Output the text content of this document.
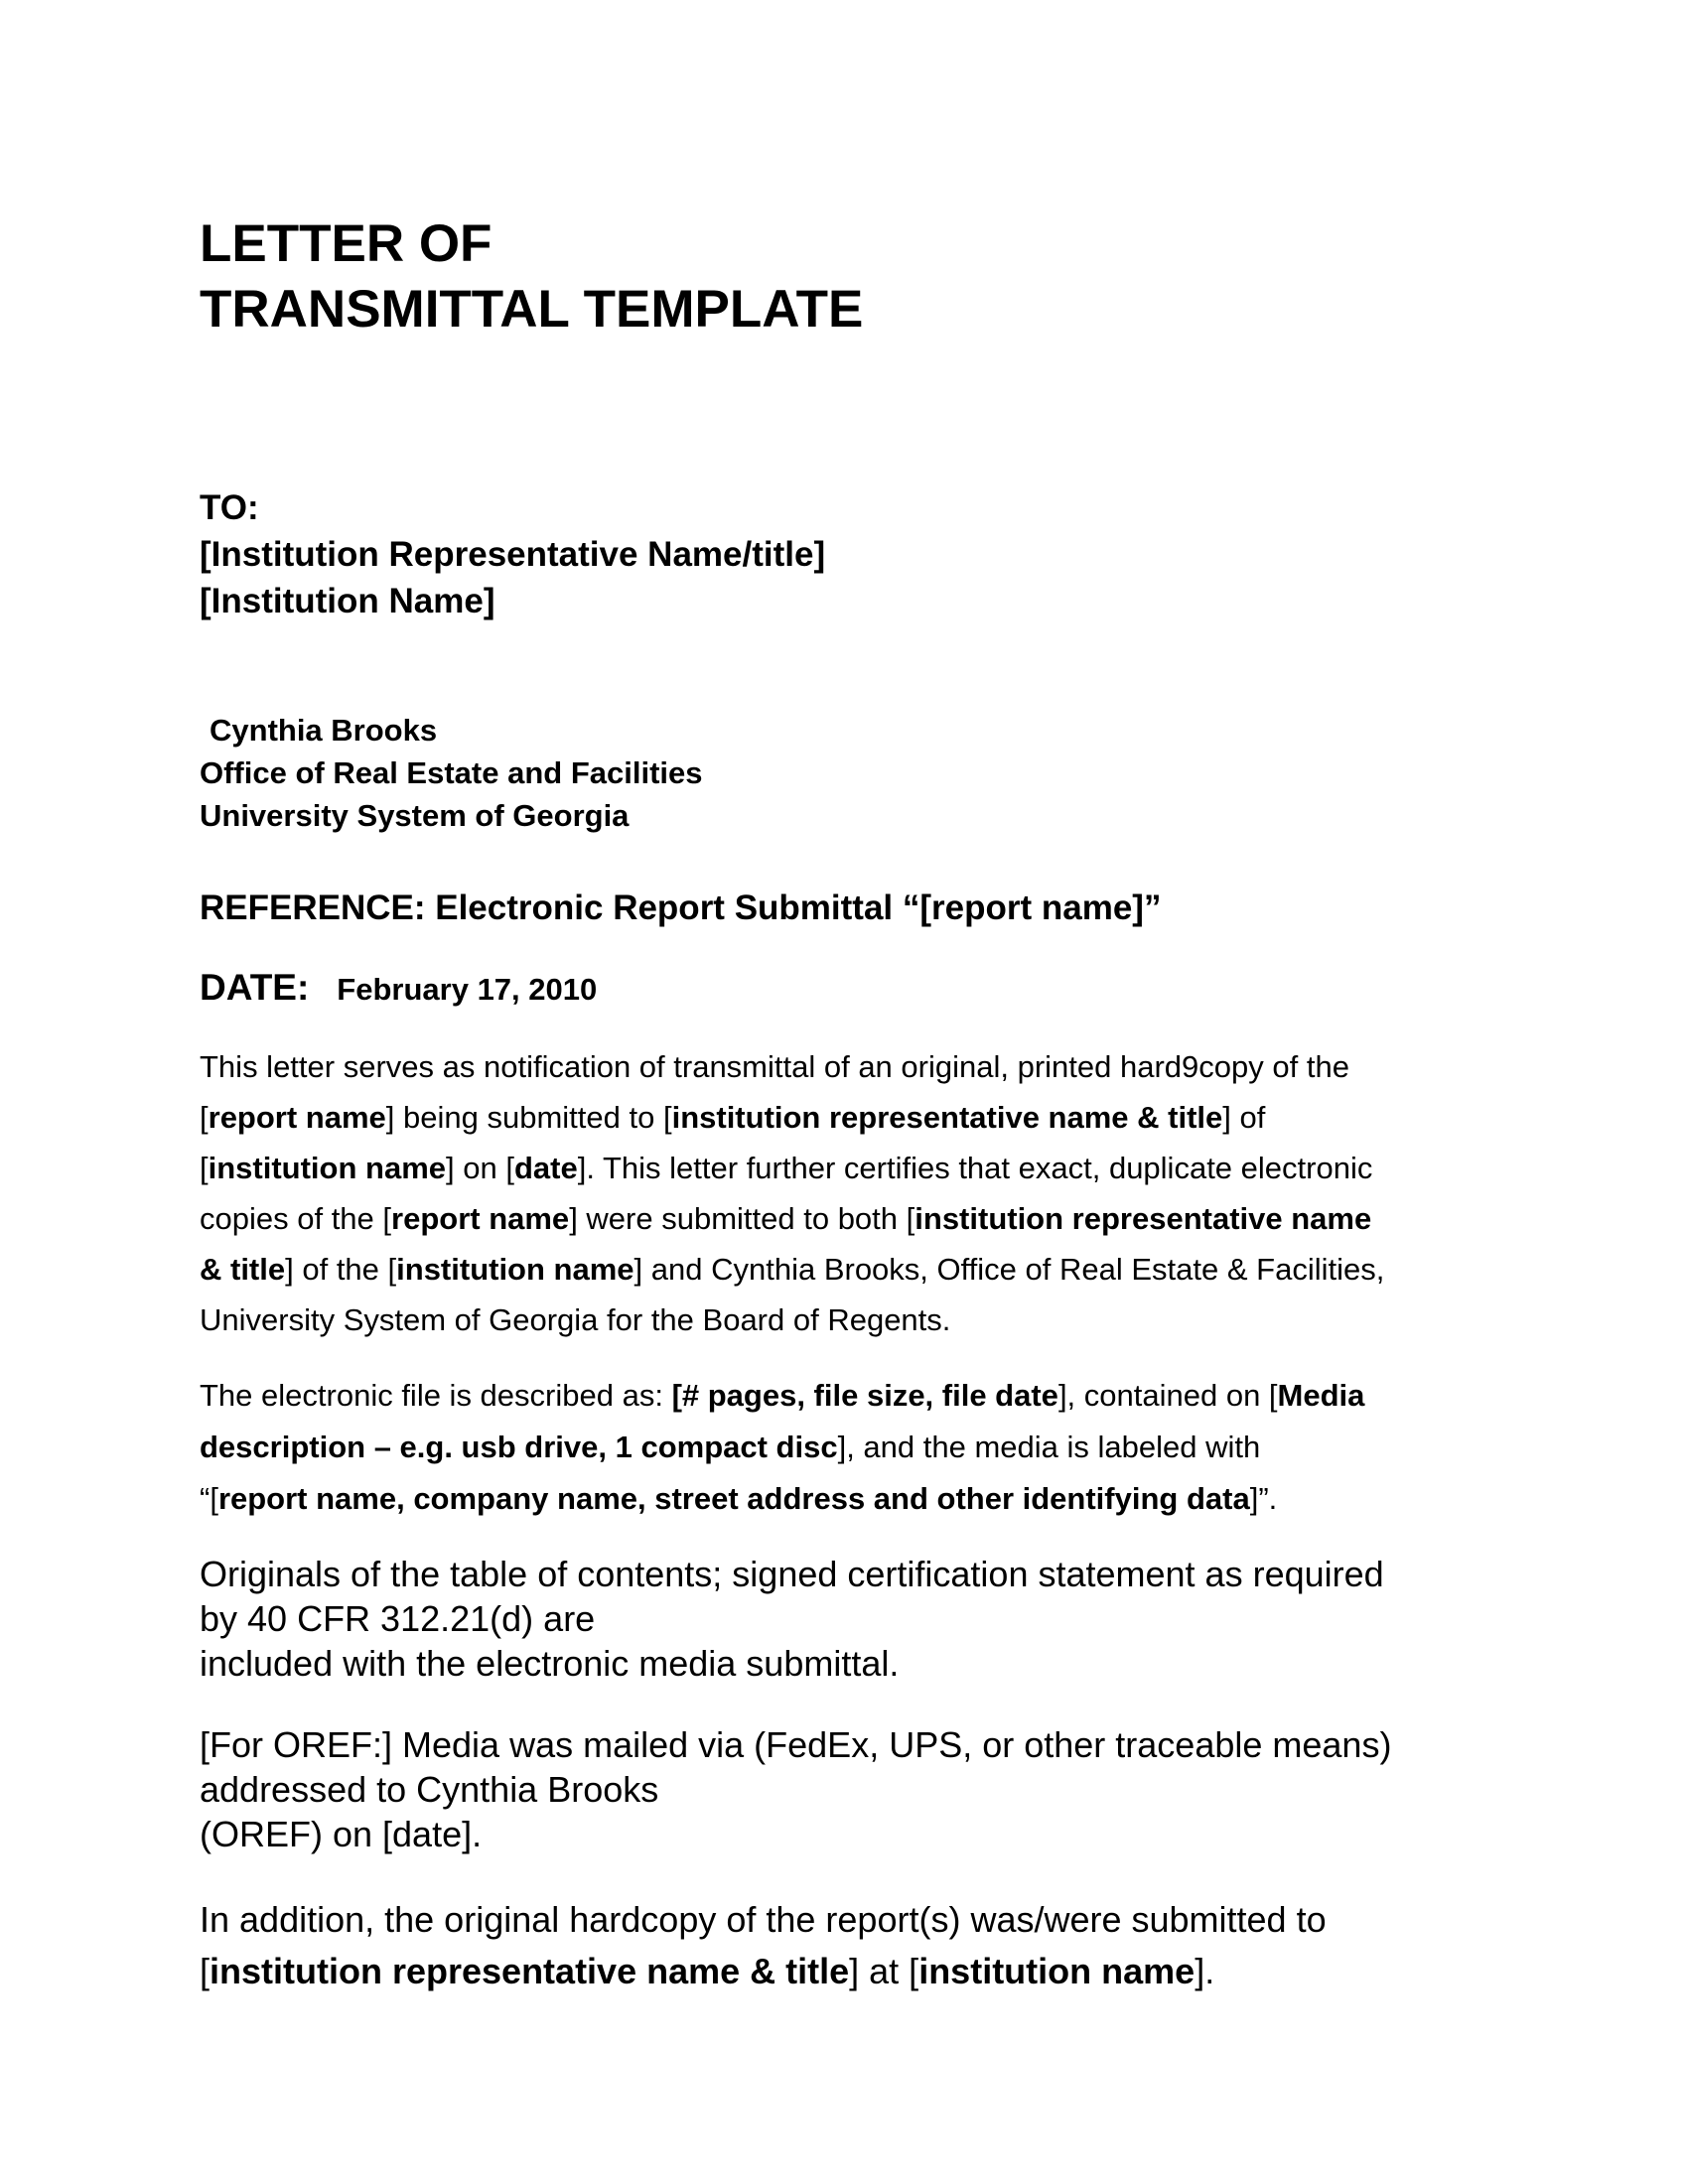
LETTER OF
TRANSMITTAL TEMPLATE
TO:
[Institution Representative Name/title]
[Institution Name]
Cynthia Brooks
Office of Real Estate and Facilities
University System of Georgia
REFERENCE: Electronic Report Submittal “[report name]”
DATE: February 17, 2010

This letter serves as notification of transmittal of an original, printed hard9copy of the
[report name] being submitted to [institution representative name & title] of
[institution name] on [date]. This letter further certifies that exact, duplicate electronic
copies of the [report name] were submitted to both [institution representative name
& title] of the [institution name] and Cynthia Brooks, Office of Real Estate & Facilities,
University System of Georgia for the Board of Regents.

The electronic file is described as: [# pages, file size, file date], contained on [Media
description – e.g. usb drive, 1 compact disc], and the media is labeled with
“[report name, company name, street address and other identifying data]”.

Originals of the table of contents; signed certification statement as required
by 40 CFR 312.21(d) are
included with the electronic media submittal.

[For OREF:] Media was mailed via (FedEx, UPS, or other traceable means)
addressed to Cynthia Brooks
(OREF) on [date].

In addition, the original hardcopy of the report(s) was/were submitted to
[institution representative name & title] at [institution name].
